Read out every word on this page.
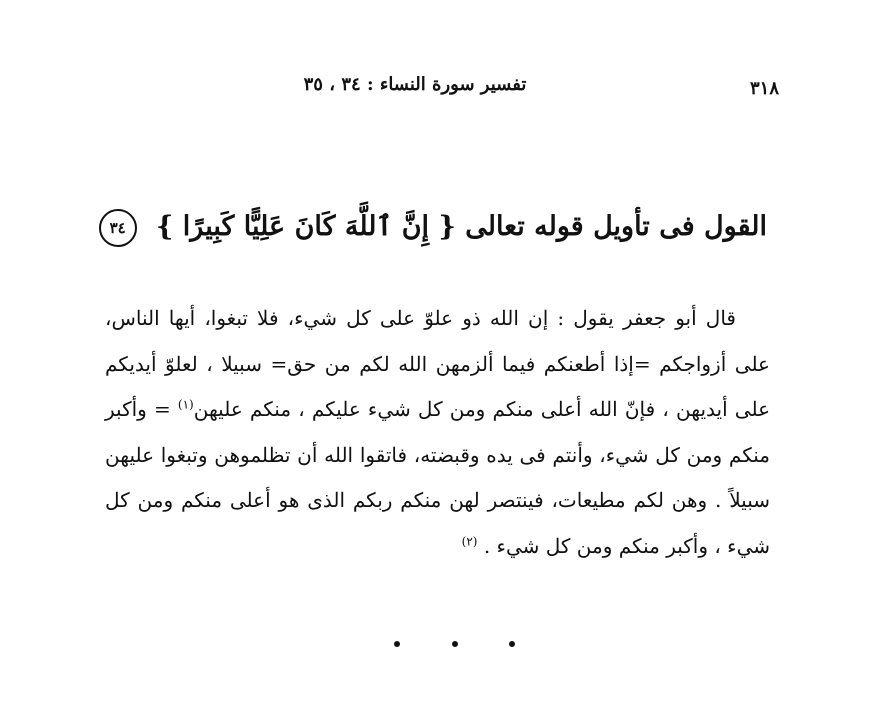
٣١٨
تفسير سورة النساء : ٣٤ ، ٣٥
القول فى تأويل قوله تعالى { إِنَّ ٱللَّهَ كَانَ عَلِيًّا كَبِيرًا } ٣٤

قال أبو جعفر يقول : إن الله ذو علوّ على كل شيء، فلا تبغوا، أيها الناس، على أزواجكم =إذا أطعنكم فيما ألزمهن الله لكم من حق= سبيلا ، لعلوّ أيديكم على أيديهن ، فإنّ الله أعلى منكم ومن كل شيء عليكم ، منكم عليهن$^{(١)}$ = وأكبر منكم ومن كل شيء، وأنتم فى يده وقبضته، فاتقوا الله أن تظلموهن وتبغوا عليهن سبيلاً . وهن لكم مطيعات، فينتصر لهن منكم ربكم الذى هو أعلى منكم ومن كل شيء ، وأكبر منكم ومن كل شيء . $^{(٢)}$
